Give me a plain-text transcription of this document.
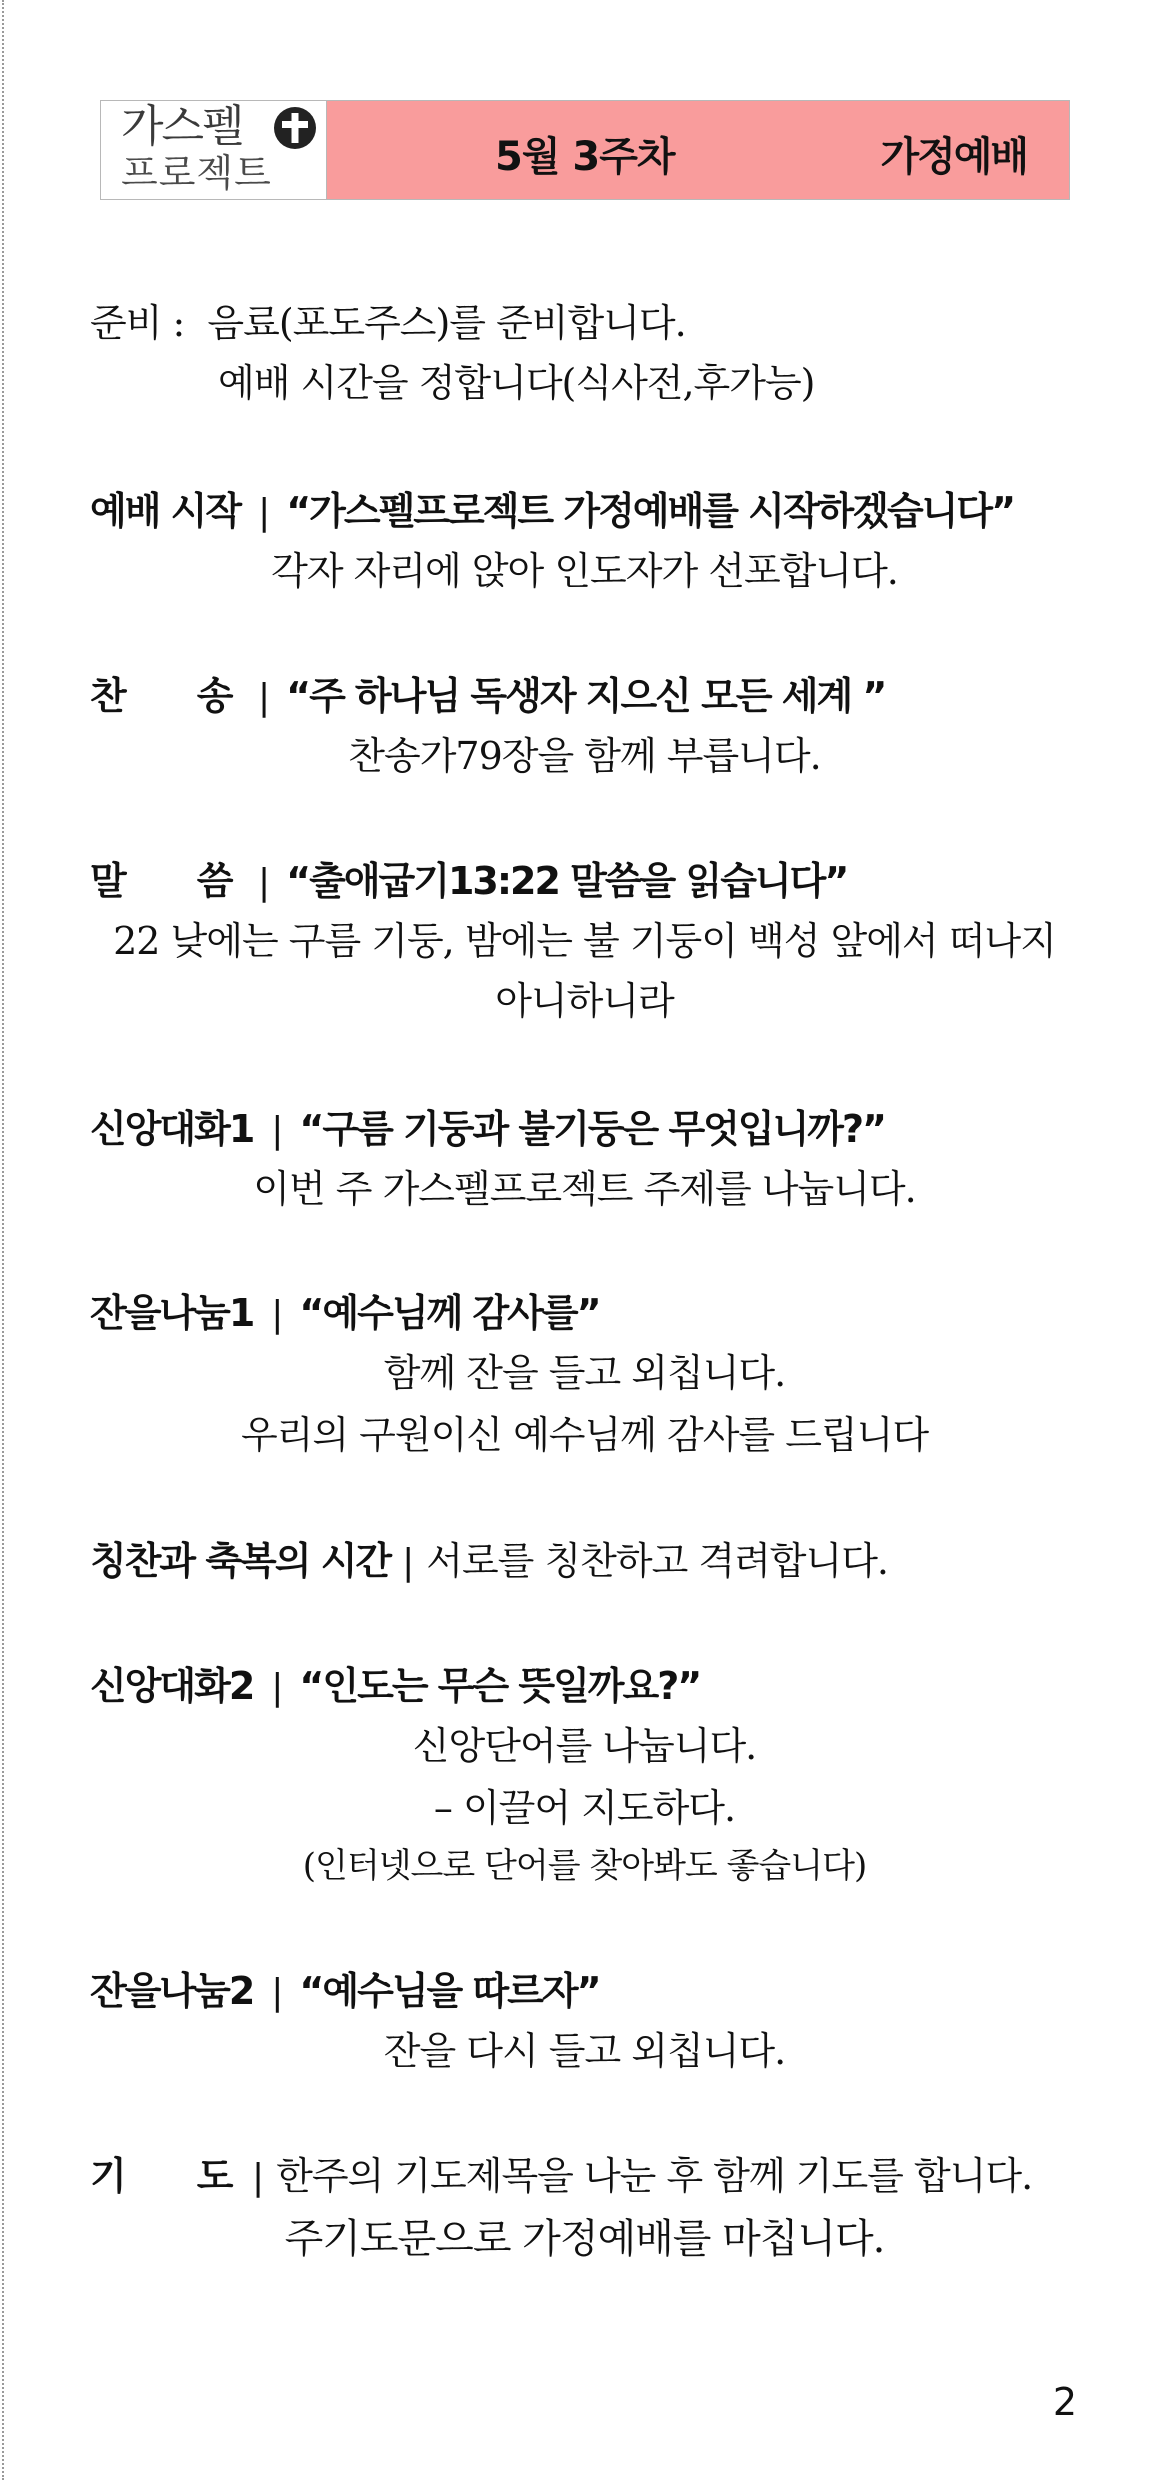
가스펠
프로젝트	5월 3주차	가정예배
준비 : 음료(포도주스)를 준비합니다.
예배 시간을 정합니다(식사전,후가능)
예배 시작 | “가스펠프로젝트 가정예배를 시작하겠습니다”
각자 자리에 앉아 인도자가 선포합니다.
찬　　송 | “주 하나님 독생자 지으신 모든 세계 ”
찬송가79장을 함께 부릅니다.
말　　씀 | “출애굽기13:22 말씀을 읽습니다”
22 낮에는 구름 기둥, 밤에는 불 기둥이 백성 앞에서 떠나지
아니하니라
신앙대화1 | “구름 기둥과 불기둥은 무엇입니까?”
이번 주 가스펠프로젝트 주제를 나눕니다.
잔을나눔1 | “예수님께 감사를”
함께 잔을 들고 외칩니다.
우리의 구원이신 예수님께 감사를 드립니다
칭찬과 축복의 시간 | 서로를 칭찬하고 격려합니다.
신앙대화2 | “인도는 무슨 뜻일까요?”
신앙단어를 나눕니다.
– 이끌어 지도하다.
(인터넷으로 단어를 찾아봐도 좋습니다)
잔을나눔2 | “예수님을 따르자”
잔을 다시 들고 외칩니다.
기　　도 | 한주의 기도제목을 나눈 후 함께 기도를 합니다.
주기도문으로 가정예배를 마칩니다.
2
